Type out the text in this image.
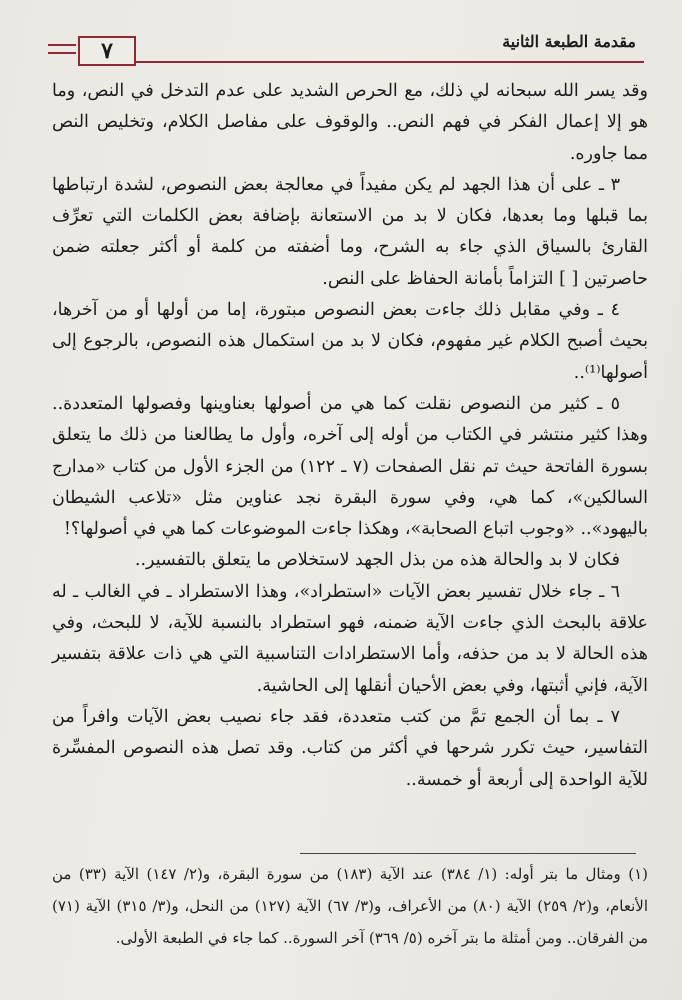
٧	مقدمة الطبعة الثانية

وقد يسر الله سبحانه لي ذلك، مع الحرص الشديد على عدم التدخل في النص، وما هو إلا إعمال الفكر في فهم النص.. والوقوف على مفاصل الكلام، وتخليص النص مما جاوره.

٣ ـ على أن هذا الجهد لم يكن مفيداً في معالجة بعض النصوص، لشدة ارتباطها بما قبلها وما بعدها، فكان لا بد من الاستعانة بإضافة بعض الكلمات التي تعرِّف القارئ بالسياق الذي جاء به الشرح، وما أضفته من كلمة أو أكثر جعلته ضمن حاصرتين [ ] التزاماً بأمانة الحفاظ على النص.

٤ ـ وفي مقابل ذلك جاءت بعض النصوص مبتورة، إما من أولها أو من آخرها، بحيث أصبح الكلام غير مفهوم، فكان لا بد من استكمال هذه النصوص، بالرجوع إلى أصولها⁽¹⁾..

٥ ـ كثير من النصوص نقلت كما هي من أصولها بعناوينها وفصولها المتعددة.. وهذا كثير منتشر في الكتاب من أوله إلى آخره، وأول ما يطالعنا من ذلك ما يتعلق بسورة الفاتحة حيث تم نقل الصفحات (٧ ـ ١٢٢) من الجزء الأول من كتاب «مدارج السالكين»، كما هي، وفي سورة البقرة نجد عناوين مثل «تلاعب الشيطان باليهود».. «وجوب اتباع الصحابة»، وهكذا جاءت الموضوعات كما هي في أصولها؟!

فكان لا بد والحالة هذه من بذل الجهد لاستخلاص ما يتعلق بالتفسير..

٦ ـ جاء خلال تفسير بعض الآيات «استطراد»، وهذا الاستطراد ـ في الغالب ـ له علاقة بالبحث الذي جاءت الآية ضمنه، فهو استطراد بالنسبة للآية، لا للبحث، وفي هذه الحالة لا بد من حذفه، وأما الاستطرادات التناسبية التي هي ذات علاقة بتفسير الآية، فإني أثبتها، وفي بعض الأحيان أنقلها إلى الحاشية.

٧ ـ بما أن الجمع تمَّ من كتب متعددة، فقد جاء نصيب بعض الآيات وافراً من التفاسير، حيث تكرر شرحها في أكثر من كتاب. وقد تصل هذه النصوص المفسِّرة للآية الواحدة إلى أربعة أو خمسة..

(١) ومثال ما بتر أوله: (١/ ٣٨٤) عند الآية (١٨٣) من سورة البقرة، و(٢/ ١٤٧) الآية (٣٣) من الأنعام، و(٢/ ٢٥٩) الآية (٨٠) من الأعراف، و(٣/ ٦٧) الآية (١٢٧) من النحل، و(٣/ ٣١٥) الآية (٧١) من الفرقان.. ومن أمثلة ما بتر آخره (٥/ ٣٦٩) آخر السورة.. كما جاء في الطبعة الأولى.
